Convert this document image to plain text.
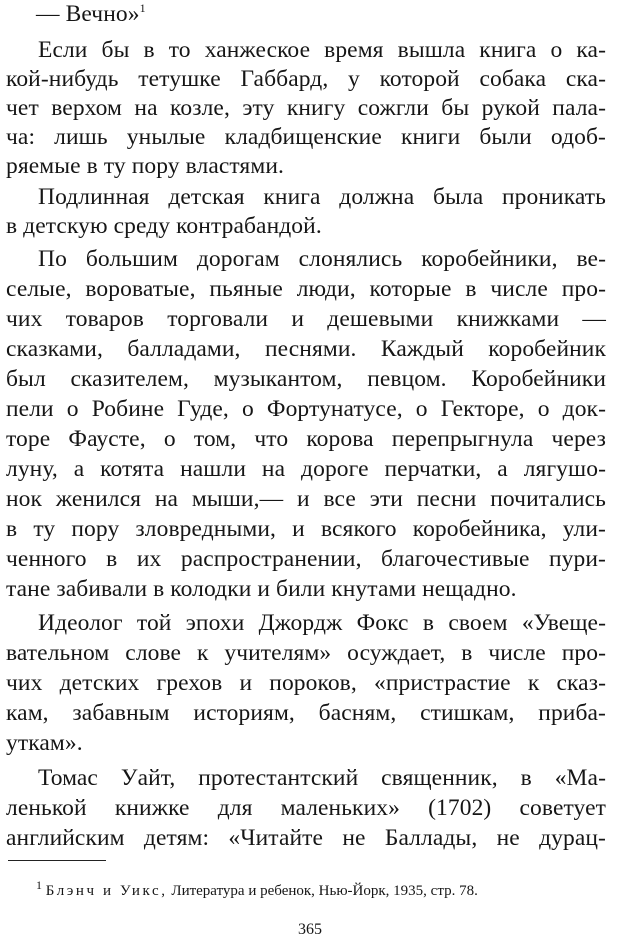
— Вечно»$^1$
Если бы в то ханжеское время вышла книга о ка-
кой-нибудь тетушке Габбард, у которой собака ска-
чет верхом на козле, эту книгу сожгли бы рукой пала-
ча: лишь унылые кладбищенские книги были одоб-
ряемые в ту пору властями.
Подлинная детская книга должна была проникать
в детскую среду контрабандой.
По большим дорогам слонялись коробейники, ве-
селые, вороватые, пьяные люди, которые в числе про-
чих товаров торговали и дешевыми книжками —
сказками, балладами, песнями. Каждый коробейник
был сказителем, музыкантом, певцом. Коробейники
пели о Робине Гуде, о Фортунатусе, о Гекторе, о док-
торе Фаусте, о том, что корова перепрыгнула через
луну, а котята нашли на дороге перчатки, а лягушо-
нок женился на мыши,— и все эти песни почитались
в ту пору зловредными, и всякого коробейника, ули-
ченного в их распространении, благочестивые пури-
тане забивали в колодки и били кнутами нещадно.
Идеолог той эпохи Джордж Фокс в своем «Увеще-
вательном слове к учителям» осуждает, в числе про-
чих детских грехов и пороков, «пристрастие к сказ-
кам, забавным историям, басням, стишкам, приба-
уткам».
Томас Уайт, протестантский священник, в «Ма-
ленькой книжке для маленьких» (1702) советует
английским детям: «Читайте не Баллады, не дурац-
$^1$ Блэнч и Уикс, Литература и ребенок, Нью-Йорк, 1935, стр. 78.
365
